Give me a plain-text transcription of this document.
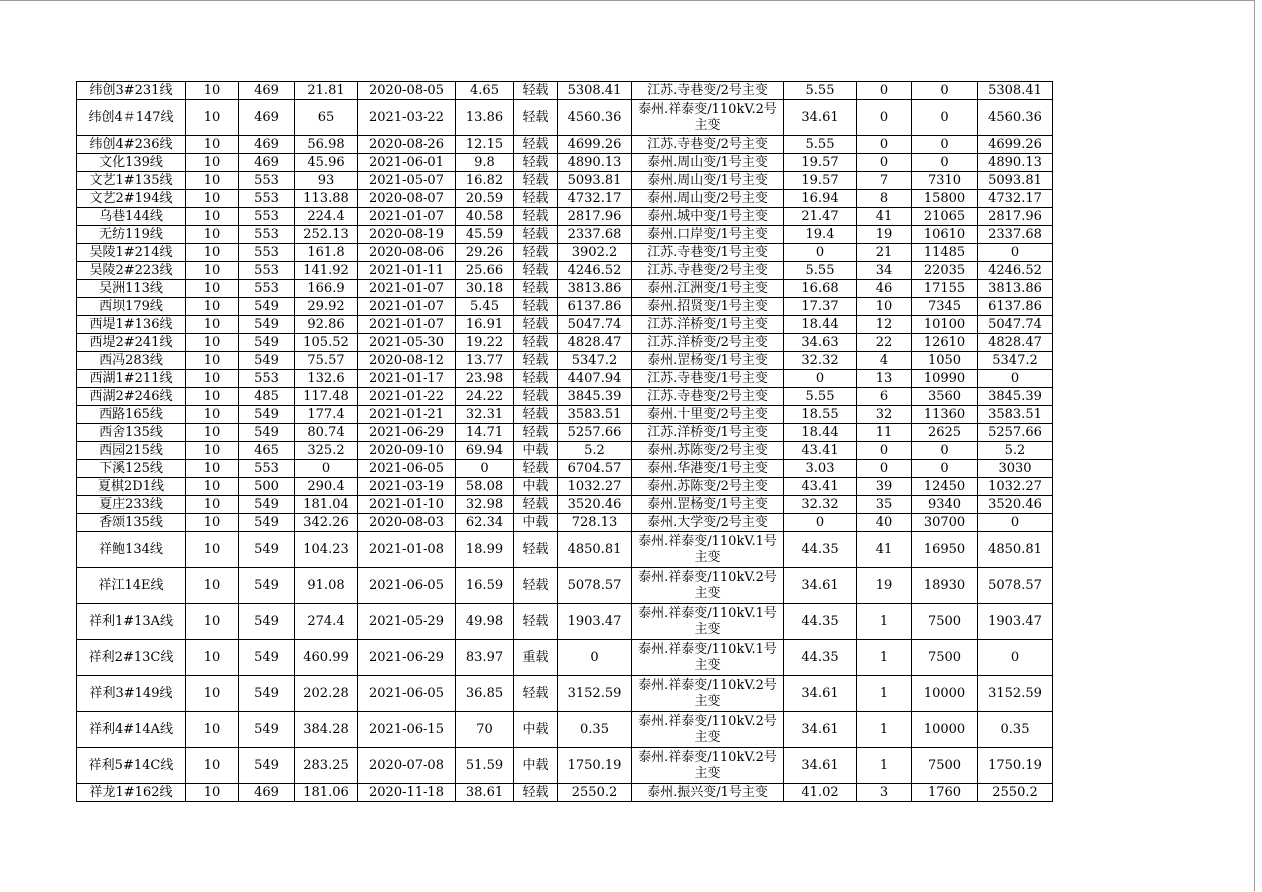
纬创3#231线	10	469	21.81	2020-08-05	4.65	轻载	5308.41	江苏.寺巷变/2号主变	5.55	0	0	5308.41
纬创4＃147线	10	469	65	2021-03-22	13.86	轻载	4560.36	泰州.祥泰变/110kV.2号主变	34.61	0	0	4560.36
纬创4#236线	10	469	56.98	2020-08-26	12.15	轻载	4699.26	江苏.寺巷变/2号主变	5.55	0	0	4699.26
文化139线	10	469	45.96	2021-06-01	9.8	轻载	4890.13	泰州.周山变/1号主变	19.57	0	0	4890.13
文艺1#135线	10	553	93	2021-05-07	16.82	轻载	5093.81	泰州.周山变/1号主变	19.57	7	7310	5093.81
文艺2#194线	10	553	113.88	2020-08-07	20.59	轻载	4732.17	泰州.周山变/2号主变	16.94	8	15800	4732.17
乌巷144线	10	553	224.4	2021-01-07	40.58	轻载	2817.96	泰州.城中变/1号主变	21.47	41	21065	2817.96
无纺119线	10	553	252.13	2020-08-19	45.59	轻载	2337.68	泰州.口岸变/1号主变	19.4	19	10610	2337.68
吴陵1#214线	10	553	161.8	2020-08-06	29.26	轻载	3902.2	江苏.寺巷变/1号主变	0	21	11485	0
吴陵2#223线	10	553	141.92	2021-01-11	25.66	轻载	4246.52	江苏.寺巷变/2号主变	5.55	34	22035	4246.52
吴洲113线	10	553	166.9	2021-01-07	30.18	轻载	3813.86	泰州.江洲变/1号主变	16.68	46	17155	3813.86
西坝179线	10	549	29.92	2021-01-07	5.45	轻载	6137.86	泰州.招贤变/1号主变	17.37	10	7345	6137.86
西堤1#136线	10	549	92.86	2021-01-07	16.91	轻载	5047.74	江苏.洋桥变/1号主变	18.44	12	10100	5047.74
西堤2#241线	10	549	105.52	2021-05-30	19.22	轻载	4828.47	江苏.洋桥变/2号主变	34.63	22	12610	4828.47
西冯283线	10	549	75.57	2020-08-12	13.77	轻载	5347.2	泰州.罡杨变/1号主变	32.32	4	1050	5347.2
西湖1#211线	10	553	132.6	2021-01-17	23.98	轻载	4407.94	江苏.寺巷变/1号主变	0	13	10990	0
西湖2#246线	10	485	117.48	2021-01-22	24.22	轻载	3845.39	江苏.寺巷变/2号主变	5.55	6	3560	3845.39
西路165线	10	549	177.4	2021-01-21	32.31	轻载	3583.51	泰州.十里变/2号主变	18.55	32	11360	3583.51
西舍135线	10	549	80.74	2021-06-29	14.71	轻载	5257.66	江苏.洋桥变/1号主变	18.44	11	2625	5257.66
西园215线	10	465	325.2	2020-09-10	69.94	中载	5.2	泰州.苏陈变/2号主变	43.41	0	0	5.2
下溪125线	10	553	0	2021-06-05	0	轻载	6704.57	泰州.华港变/1号主变	3.03	0	0	3030
夏棋2D1线	10	500	290.4	2021-03-19	58.08	中载	1032.27	泰州.苏陈变/2号主变	43.41	39	12450	1032.27
夏庄233线	10	549	181.04	2021-01-10	32.98	轻载	3520.46	泰州.罡杨变/1号主变	32.32	35	9340	3520.46
香颂135线	10	549	342.26	2020-08-03	62.34	中载	728.13	泰州.大学变/2号主变	0	40	30700	0
祥鲍134线	10	549	104.23	2021-01-08	18.99	轻载	4850.81	泰州.祥泰变/110kV.1号主变	44.35	41	16950	4850.81
祥江14E线	10	549	91.08	2021-06-05	16.59	轻载	5078.57	泰州.祥泰变/110kV.2号主变	34.61	19	18930	5078.57
祥利1#13A线	10	549	274.4	2021-05-29	49.98	轻载	1903.47	泰州.祥泰变/110kV.1号主变	44.35	1	7500	1903.47
祥利2#13C线	10	549	460.99	2021-06-29	83.97	重载	0	泰州.祥泰变/110kV.1号主变	44.35	1	7500	0
祥利3#149线	10	549	202.28	2021-06-05	36.85	轻载	3152.59	泰州.祥泰变/110kV.2号主变	34.61	1	10000	3152.59
祥利4#14A线	10	549	384.28	2021-06-15	70	中载	0.35	泰州.祥泰变/110kV.2号主变	34.61	1	10000	0.35
祥利5#14C线	10	549	283.25	2020-07-08	51.59	中载	1750.19	泰州.祥泰变/110kV.2号主变	34.61	1	7500	1750.19
祥龙1#162线	10	469	181.06	2020-11-18	38.61	轻载	2550.2	泰州.振兴变/1号主变	41.02	3	1760	2550.2
